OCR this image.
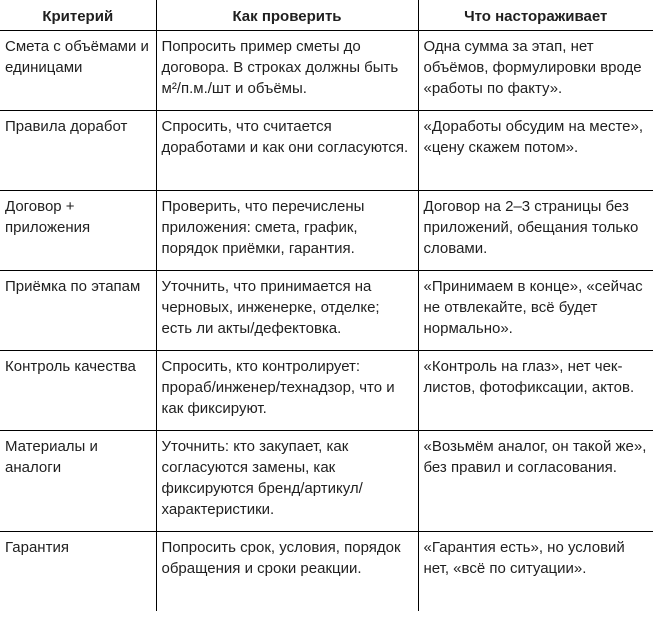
Критерий	Как проверить	Что настораживает
Смета с объёмами и единицами	Попросить пример сметы до договора. В строках должны быть м²/п.м./шт и объёмы.	Одна сумма за этап, нет объёмов, формулировки вроде «работы по факту».
Правила доработ	Спросить, что считается доработами и как они согласуются.	«Доработы обсудим на месте», «цену скажем потом».
Договор + приложения	Проверить, что перечислены приложения: смета, график, порядок приёмки, гарантия.	Договор на 2–3 страницы без приложений, обещания только словами.
Приёмка по этапам	Уточнить, что принимается на черновых, инженерке, отделке; есть ли акты/дефектовка.	«Принимаем в конце», «сейчас не отвлекайте, всё будет нормально».
Контроль качества	Спросить, кто контролирует: прораб/инженер/технадзор, что и как фиксируют.	«Контроль на глаз», нет чек-листов, фотофиксации, актов.
Материалы и аналоги	Уточнить: кто закупает, как согласуются замены, как фиксируются бренд/артикул/характеристики.	«Возьмём аналог, он такой же», без правил и согласования.
Гарантия	Попросить срок, условия, порядок обращения и сроки реакции.	«Гарантия есть», но условий нет, «всё по ситуации».
